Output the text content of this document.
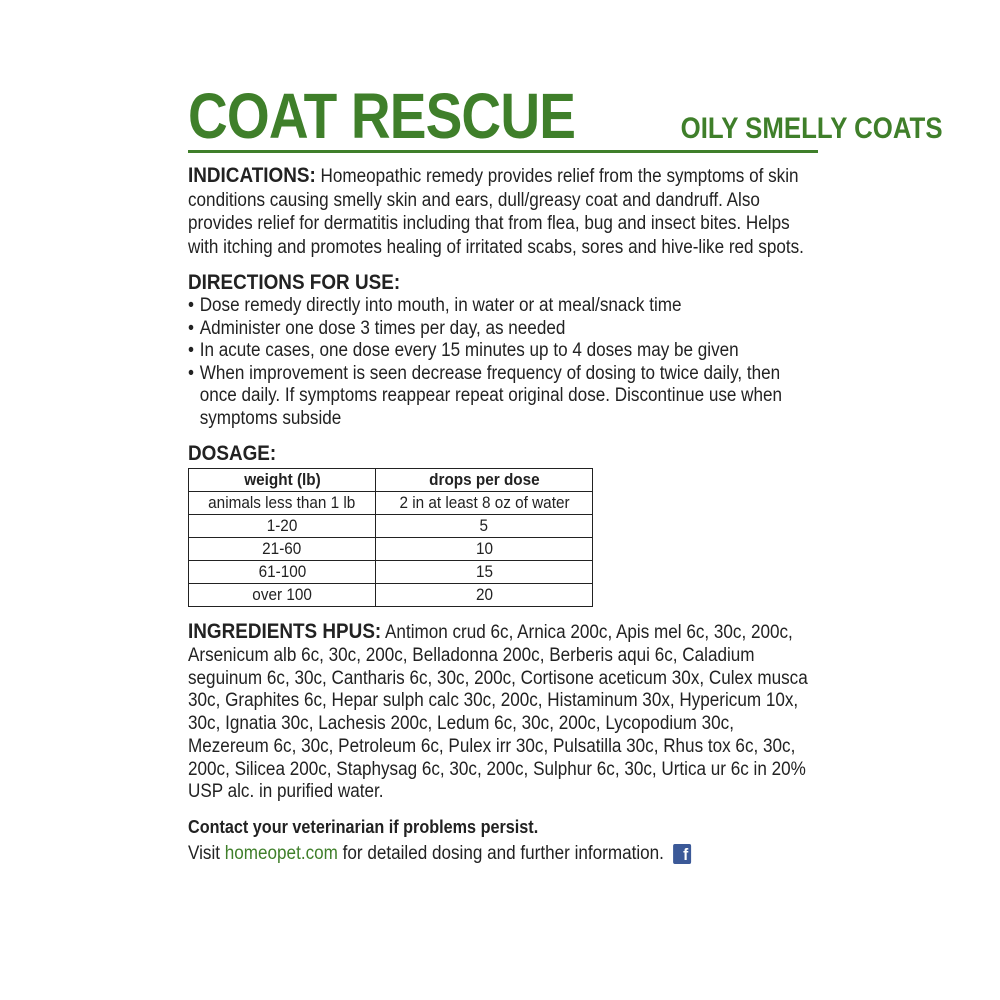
COAT RESCUE	OILY SMELLY COATS
INDICATIONS: Homeopathic remedy provides relief from the symptoms of skin conditions causing smelly skin and ears, dull/greasy coat and dandruff. Also provides relief for dermatitis including that from flea, bug and insect bites. Helps with itching and promotes healing of irritated scabs, sores and hive-like red spots.
DIRECTIONS FOR USE:
• Dose remedy directly into mouth, in water or at meal/snack time
• Administer one dose 3 times per day, as needed
• In acute cases, one dose every 15 minutes up to 4 doses may be given
• When improvement is seen decrease frequency of dosing to twice daily, then once daily. If symptoms reappear repeat original dose. Discontinue use when symptoms subside
DOSAGE:
weight (lb)	drops per dose
animals less than 1 lb	2 in at least 8 oz of water
1-20	5
21-60	10
61-100	15
over 100	20
INGREDIENTS HPUS: Antimon crud 6c, Arnica 200c, Apis mel 6c, 30c, 200c, Arsenicum alb 6c, 30c, 200c, Belladonna 200c, Berberis aqui 6c, Caladium seguinum 6c, 30c, Cantharis 6c, 30c, 200c, Cortisone aceticum 30x, Culex musca 30c, Graphites 6c, Hepar sulph calc 30c, 200c, Histaminum 30x, Hypericum 10x, 30c, Ignatia 30c, Lachesis 200c, Ledum 6c, 30c, 200c, Lycopodium 30c, Mezereum 6c, 30c, Petroleum 6c, Pulex irr 30c, Pulsatilla 30c, Rhus tox 6c, 30c, 200c, Silicea 200c, Staphysag 6c, 30c, 200c, Sulphur 6c, 30c, Urtica ur 6c in 20% USP alc. in purified water.
Contact your veterinarian if problems persist.
Visit
homeopet.com
for detailed dosing and further information.	f
